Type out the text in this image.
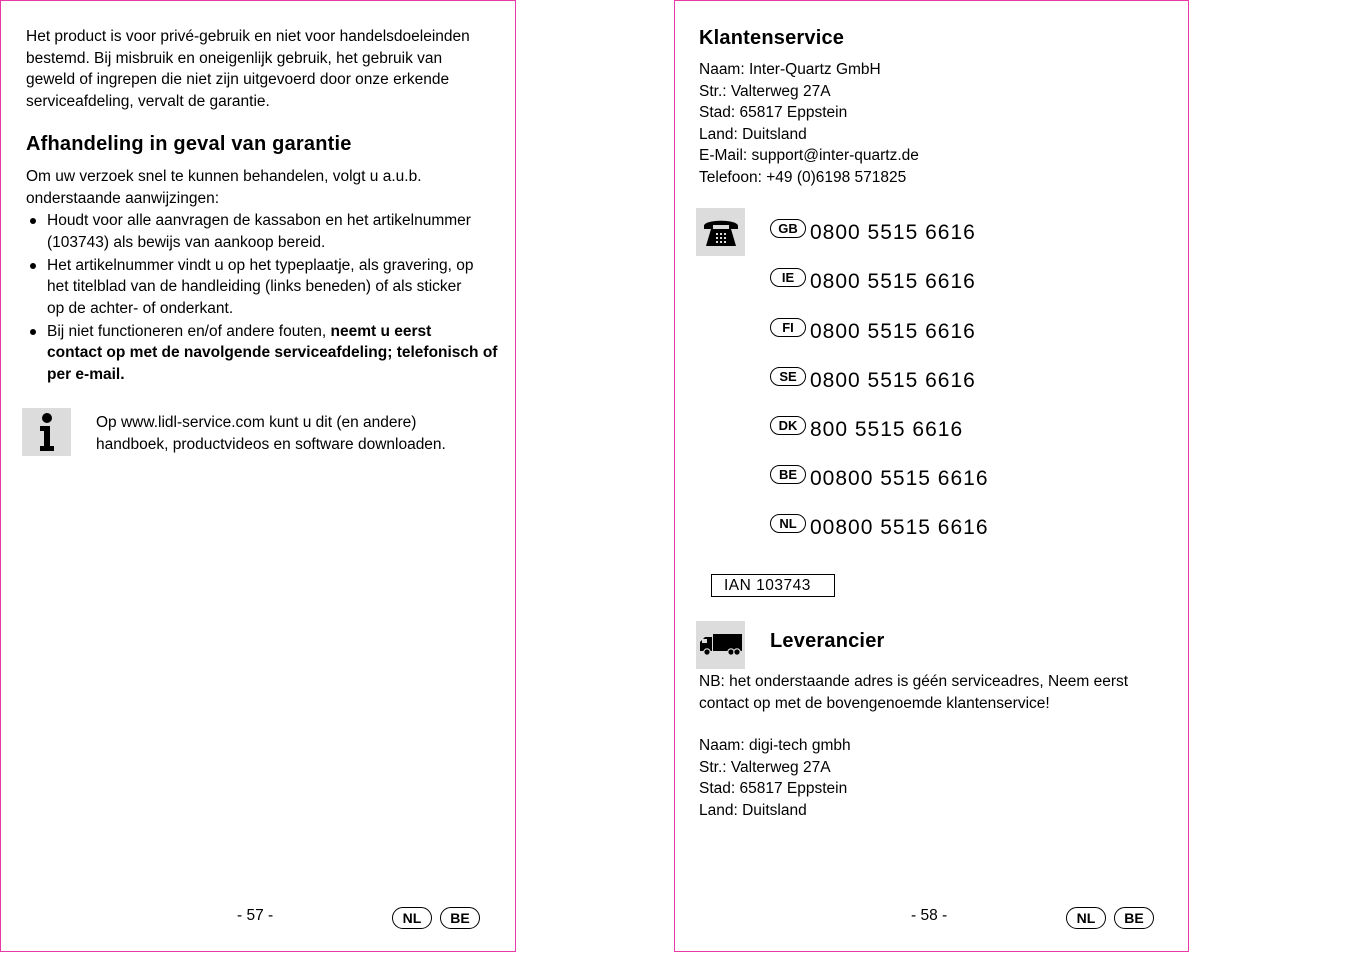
Het product is voor privé-gebruik en niet voor handelsdoeleinden
bestemd. Bij misbruik en oneigenlijk gebruik, het gebruik van
geweld of ingrepen die niet zijn uitgevoerd door onze erkende
serviceafdeling, vervalt de garantie.
Afhandeling in geval van garantie
Om uw verzoek snel te kunnen behandelen, volgt u a.u.b.
onderstaande aanwijzingen:
Houdt voor alle aanvragen de kassabon en het artikelnummer
(103743) als bewijs van aankoop bereid.
Het artikelnummer vindt u op het typeplaatje, als gravering, op
het titelblad van de handleiding (links beneden) of als sticker
op de achter- of onderkant.
Bij niet functioneren en/of andere fouten, neemt u eerst
contact op met de navolgende serviceafdeling; telefonisch of
per e-mail.
Op www.lidl-service.com kunt u dit (en andere)
handboek, productvideos en software downloaden.
- 57 -	NL	BE
Klantenservice
Naam: Inter-Quartz GmbH
Str.: Valterweg 27A
Stad: 65817 Eppstein
Land: Duitsland
E-Mail: support@inter-quartz.de
Telefoon: +49 (0)6198 571825
GB 0800 5515 6616
IE 0800 5515 6616
FI 0800 5515 6616
SE 0800 5515 6616
DK 800 5515 6616
BE 00800 5515 6616
NL 00800 5515 6616
IAN 103743
Leverancier
NB: het onderstaande adres is géén serviceadres, Neem eerst
contact op met de bovengenoemde klantenservice!
Naam: digi-tech gmbh
Str.: Valterweg 27A
Stad: 65817 Eppstein
Land: Duitsland
- 58 -	NL	BE
